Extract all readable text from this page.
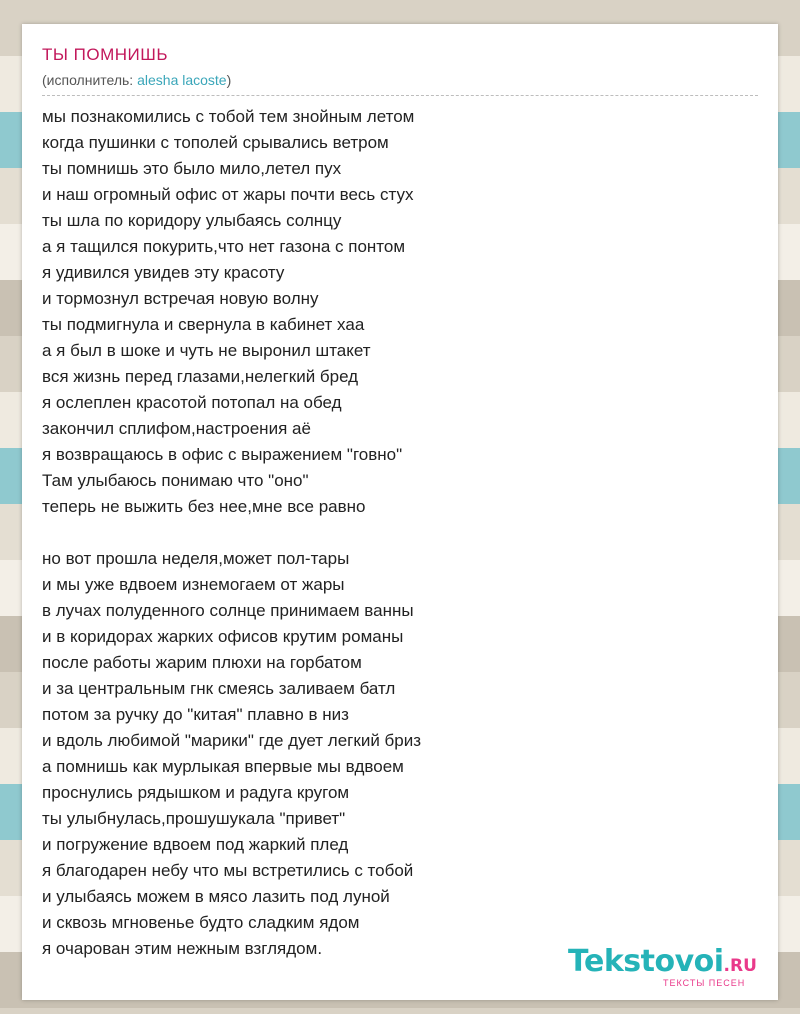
ТЫ ПОМНИШЬ
(исполнитель: alesha lacoste)
мы познакомились с тобой тем знойным летом
когда пушинки с тополей срывались ветром
ты помнишь это было мило,летел пух
и наш огромный офис от жары почти весь стух
ты шла по коридору улыбаясь солнцу
а я тащился покурить,что нет газона с понтом
я удивился увидев эту красоту
и тормознул встречая новую волну
ты подмигнула и свернула в кабинет хаа
а я был в шоке и чуть не выронил штакет
вся жизнь перед глазами,нелегкий бред
я ослеплен красотой потопал на обед
закончил сплифом,настроения аё
я возвращаюсь в офис с выражением "говно"
Там улыбаюсь понимаю что "оно"
теперь не выжить без нее,мне все равно
но вот прошла неделя,может пол-тары
и мы уже вдвоем изнемогаем от жары
в лучах полуденного солнце принимаем ванны
и в коридорах жарких офисов крутим романы
после работы жарим плюхи на горбатом
и за центральным гнк смеясь заливаем батл
потом за ручку до "китая" плавно в низ
и вдоль любимой "марики" где дует легкий бриз
а помнишь как мурлыкая впервые мы вдвоем
проснулись рядышком и радуга кругом
ты улыбнулась,прошушукала "привет"
и погружение вдвоем под жаркий плед
я благодарен небу что мы встретились с тобой
и улыбаясь можем в мясо лазить под луной
и сквозь мгновенье будто сладким ядом
я очарован этим нежным взглядом.	Tekstovoi.RU
ТЕКСТЫ ПЕСЕН
